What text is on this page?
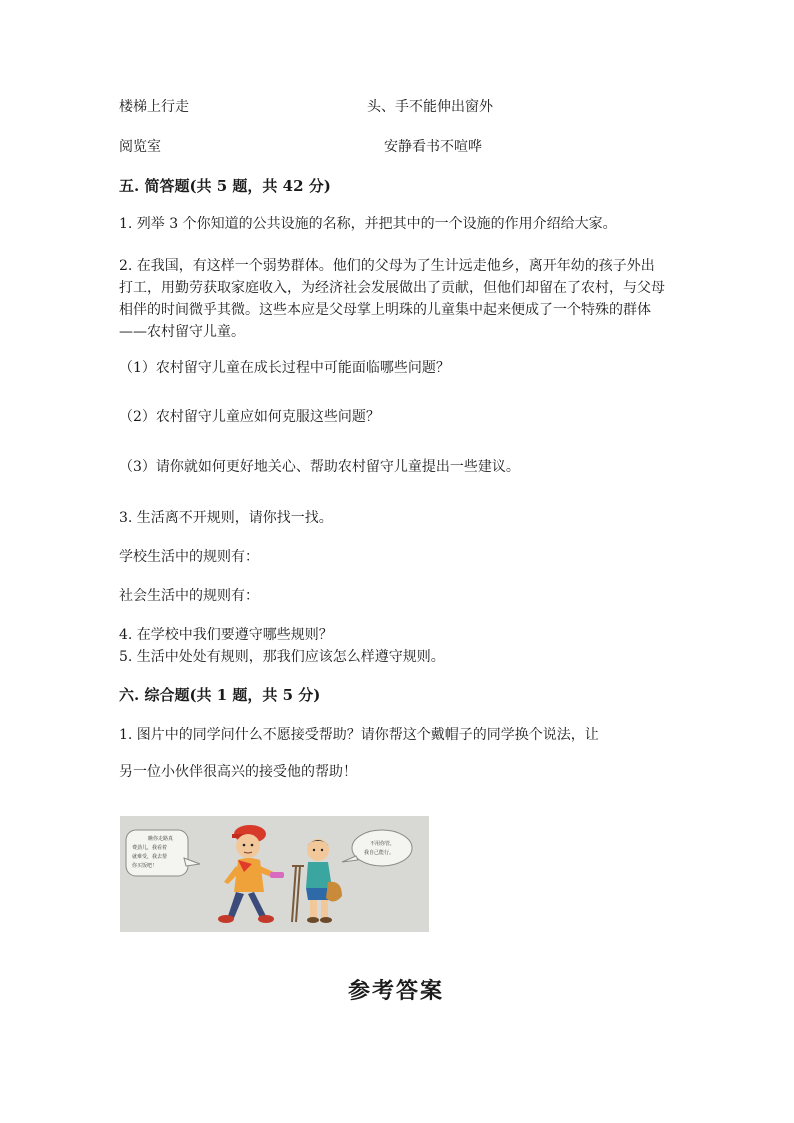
楼梯上行走	头、手不能伸出窗外
阅览室	安静看书不喧哗
五. 简答题(共 5 题，共 42 分)
1. 列举 3 个你知道的公共设施的名称，并把其中的一个设施的作用介绍给大家。
2. 在我国，有这样一个弱势群体。他们的父母为了生计远走他乡，离开年幼的孩子外出打工，用勤劳获取家庭收入，为经济社会发展做出了贡献，但他们却留在了农村，与父母相伴的时间微乎其微。这些本应是父母掌上明珠的儿童集中起来便成了一个特殊的群体——农村留守儿童。
（1）农村留守儿童在成长过程中可能面临哪些问题？
（2）农村留守儿童应如何克服这些问题？
（3）请你就如何更好地关心、帮助农村留守儿童提出一些建议。
3. 生活离不开规则，请你找一找。
学校生活中的规则有：
社会生活中的规则有：
4. 在学校中我们要遵守哪些规则？
5. 生活中处处有规则，那我们应该怎么样遵守规则。
六. 综合题(共 1 题，共 5 分)
1. 图片中的同学问什么不愿接受帮助？请你帮这个戴帽子的同学换个说法，让
另一位小伙伴很高兴的接受他的帮助！
瞧你走路真
费劲儿，我看着
就难受，我去帮
你买饭吧！
不用你管，
我自己能行。
参考答案
